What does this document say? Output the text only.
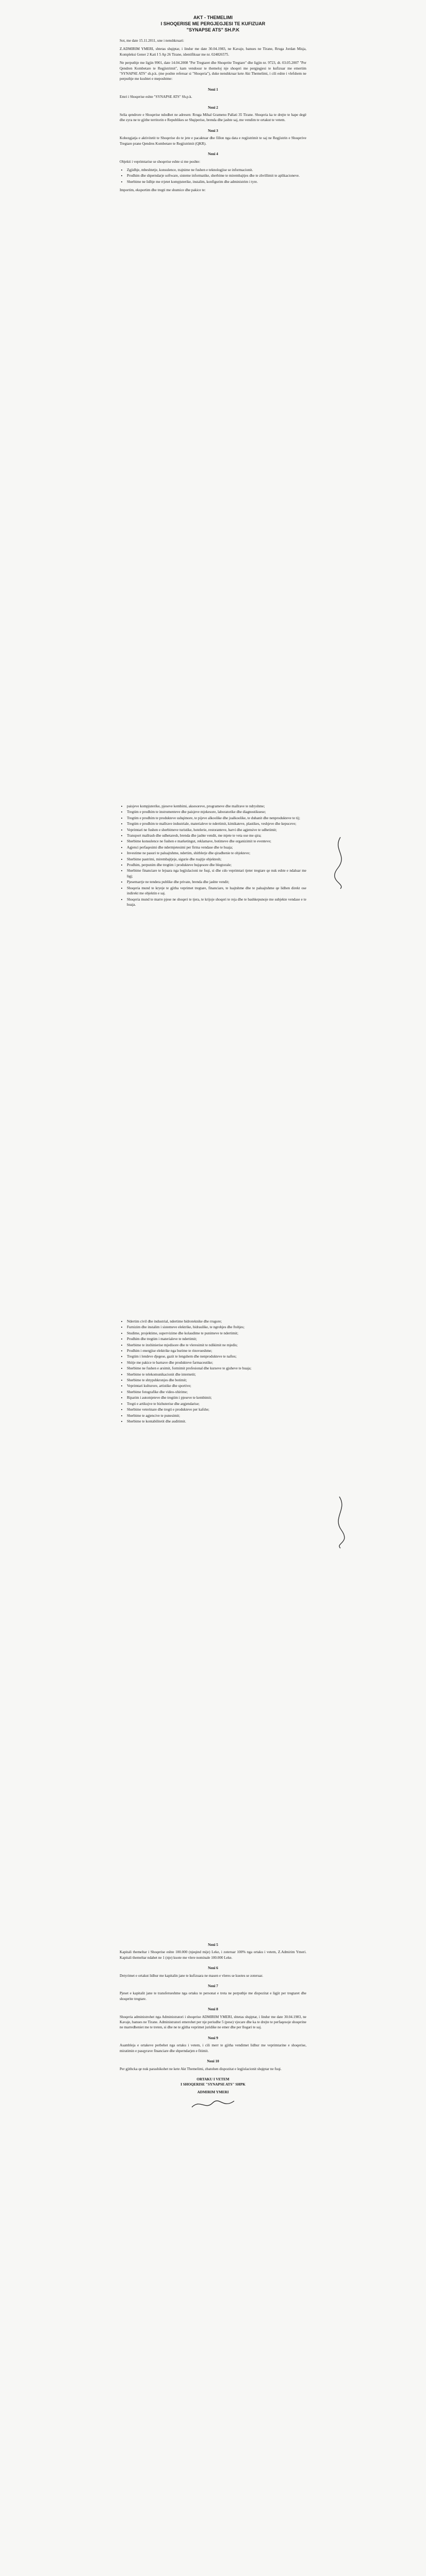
AKT - THEMELIMI
I SHOQERISE ME PERGJEGJESI TE KUFIZUAR
"SYNAPSE ATS" SH.P.K

Sot, me date 15.11.2011, une i nenshkruari:

Z.ADMIRIM YMERI, shtetas shqiptar, i lindur me date 30.04.1983, ne Kavaje, banues ne Tirane, Rruga Jordan Misja, Kompleksi Gener 2 Kati I 5 Ap 26 Tirane, identifikuar me nr. 024826575.

Ne perputhje me ligjin 9901, date 14.04.2008 "Per Tregtaret dhe Shoqerite Tregtare" dhe ligjin nr. 9723, dt. 03.05.2007 "Per Qendren Kombetare te Regjistrimit", kam vendosur te themeloj nje shoqeri me pergjegjesi te kufizuar me emertim "SYNAPSE ATS" sh.p.k. (me poshte referuar si "Shoqeria"), duke nenshkruar kete Akt Themelimi, i cili eshte i vlefshem ne perputhje me kushtet e meposhtme:

Neni 1

Emri i Shoqerise eshte "SYNAPSE ATS" Sh.p.k.

Neni 2

Selia qendrore e Shoqerise ndodhet ne adresen: Rruga Mihal Grameno Pallati 35 Tirane. Shoqeria ka te drejte te hape degë dhe zyra ne te gjithe territorin e Republikes se Shqiperise, brenda dhe jashte saj, me vendim te ortakut te vetem.

Neni 3

Kohezgjatja e aktivitetit te Shoqerise do te jete e pacaktuar dhe fillon nga data e regjistrimit te saj ne Regjistrin e Shoqerive Tregtare prane Qendres Kombetare te Regjistrimit (QKR).

Neni 4

Objekti i veprimtarise se shoqerise eshte si me poshte:

• Zgjidhje, mbeshtetje, konsulence, trajnime ne fushen e teknologjise se informacionit.
• Prodhim dhe shperndarje software, sisteme informatike, sherbime te mirembajtjes dhe te zhvillimit te aplikacioneve.
• Sherbime ne lidhje me rrjetet kompjuterike, instalim, konfigurim dhe administrim i tyre.

Importim, eksportim dhe tregti me shumice dhe pakice te:

• paisjeve kompjuterike, pjeseve kembimi, aksesoreve, programeve dhe mallrave te ndryshme;
• Tregtim e prodhim te instrumenteve dhe paisjeve mjekesore, laboratorike dhe diagnostikuese;
• Tregtim e prodhim te produkteve ushqimore, te pijeve alkoolike dhe joalkoolike, te duhanit dhe nenprodukteve te tij;
• Tregtim e prodhim te mallrave industriale, materialeve te ndertimit, kimikateve, plastikes, veshjeve dhe kepuceve;
• Veprimtari ne fushen e sherbimeve turistike, hotelerie, restoranteve, barvi dhe agjensive te udhetimit;
• Transport mallrash dhe udhetaresh, brenda dhe jashte vendit, me mjete te veta ose me qira;
• Sherbime konsulence ne fushen e marketingut, reklamave, botimeve dhe organizimit te eventeve;
• Agjenci perfaqesimi dhe ndermjetesimi per firma vendase dhe te huaja;
• Investime ne pasuri te paluajtshme, ndertim, shitblerje dhe qiradhenie te objekteve;
• Sherbime pastrimi, mirembajtjeje, sigurie dhe ruajtje objektesh;
• Prodhim, perpunim dhe tregtim i produkteve bujqesore dhe blegtorale;
• Sherbime financiare te lejuara nga legjislacioni ne fuqi, si dhe cdo veprimtari tjeter tregtare qe nuk eshte e ndaluar me ligj;
• Pjesemarrje ne tendera publike dhe private, brenda dhe jashte vendit;
• Shoqeria mund te kryeje te gjitha veprimet tregtare, financiare, te luajtshme dhe te paluajtshme qe lidhen direkt ose indirekt me objektin e saj.
• Shoqeria mund te marre pjese ne shoqeri te tjera, te krijoje shoqeri te reja dhe te bashkepunoje me subjekte vendase e te huaja.
• Ndertim civil dhe industrial, ndertime hidroteknike dhe rrugore;
• Furnizim dhe instalim i sistemeve elektrike, hidraulike, te ngrohjes dhe ftohjes;
• Studime, projektime, supervizime dhe kolaudime te punimeve te ndertimit;
• Prodhim dhe tregtim i materialeve te ndertimit;
• Sherbime te inxhinierise mjedisore dhe te vleresimit te ndikimit ne mjedis;
• Prodhim i energjise elektrike nga burime te rinovueshme;
• Tregtim i lendeve djegese, gazit te lengshem dhe nenprodukteve te naftes;
• Shitje me pakice te barnave dhe produkteve farmaceutike;
• Sherbime ne fushen e arsimit, formimit profesional dhe kurseve te gjuheve te huaja;
• Sherbime te telekomunikacionit dhe internetit;
• Sherbime te shtypshkronjes dhe botimit;
• Veprimtari kulturore, artistike dhe sportive;
• Sherbime fotografike dhe video-xhirime;
• Riparim i automjeteve dhe tregtim i pjeseve te kembimit;
• Tregti e artikujve te bizhuterise dhe argjendarise;
• Sherbime veterinare dhe tregti e produkteve per kafshe;
• Sherbime te agjencive te punesimit;
• Sherbime te kontabilitetit dhe auditimit.
Neni 5

Kapitali themeltar i Shoqerise eshte 100.000 (njeqind mije) Leke, i zoteruar 100% nga ortaku i vetem, Z.Admirim Ymeri. Kapitali themeltar ndahet ne 1 (nje) kuote me vlere nominale 100.000 Leke.

Neni 6

Detyrimet e ortakut lidhur me kapitalin jane te kufizuara ne masen e vleres se kuotes se zoteruar.

Neni 7

Pjeset e kapitalit jane te transferueshme nga ortaku te personat e treta ne perputhje me dispozitat e ligjit per tregtaret dhe shoqerite tregtare.

Neni 8

Shoqeria administrohet nga Administratori i shoqerise ADMIRIM YMERI, shtetas shqiptar, i lindur me date 30.04.1983, ne Kavaje, banues ne Tirane. Administratori emerohet per nje periudhe 5 (pese) vjecare dhe ka te drejte te perfaqesoje shoqerine ne marredheniet me te treten, si dhe ne te gjitha veprimet juridike ne emer dhe per llogari te saj.

Neni 9

Asambleja e ortakeve perbehet nga ortaku i vetem, i cili merr te gjitha vendimet lidhur me veprimtarine e shoqerise, miratimin e pasqyrave financiare dhe shperndarjen e fitimit.

Neni 10

Per gjithcka qe nuk parashikohet ne kete Akt Themelimi, zbatohen dispozitat e legjislacionit shqiptar ne fuqi.

ORTAKU I VETEM
I SHOQERISE "SYNAPSE ATS" SHPK
ADMIRIM YMERI
